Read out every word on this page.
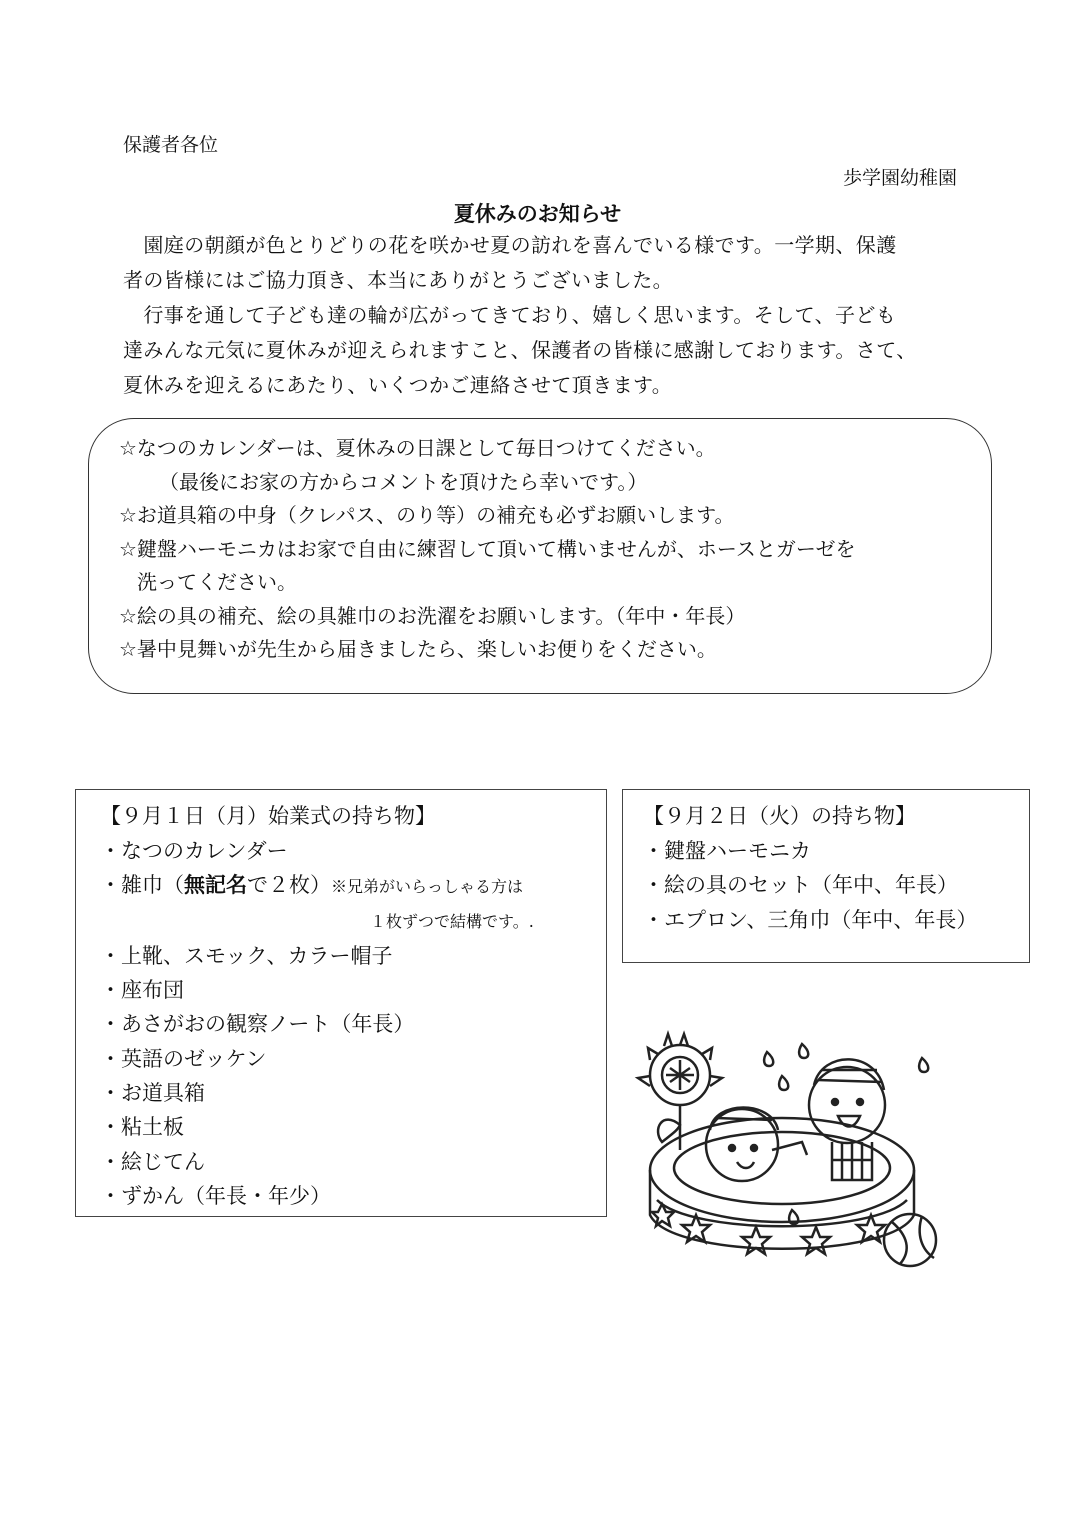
保護者各位
歩学園幼稚園
夏休みのお知らせ

　園庭の朝顔が色とりどりの花を咲かせ夏の訪れを喜んでいる様です。一学期、保護

者の皆様にはご協力頂き、本当にありがとうございました。

　行事を通して子ども達の輪が広がってきており、嬉しく思います。そして、子ども

達みんな元気に夏休みが迎えられますこと、保護者の皆様に感謝しております。さて、

夏休みを迎えるにあたり、いくつかご連絡させて頂きます。

☆なつのカレンダーは、夏休みの日課として毎日つけてください。

（最後にお家の方からコメントを頂けたら幸いです。）

☆お道具箱の中身（クレパス、のり等）の補充も必ずお願いします。

☆鍵盤ハーモニカはお家で自由に練習して頂いて構いませんが、ホースとガーゼを

洗ってください。

☆絵の具の補充、絵の具雑巾のお洗濯をお願いします。（年中・年長）

☆暑中見舞いが先生から届きましたら、楽しいお便りをください。

【９月１日（月）始業式の持ち物】

・なつのカレンダー
・雑巾（無記名で２枚）※兄弟がいらっしゃる方は
１枚ずつで結構です。.
・上靴、スモック、カラー帽子
・座布団
・あさがおの観察ノート（年長）
・英語のゼッケン
・お道具箱
・粘土板
・絵じてん
・ずかん（年長・年少）

【９月２日（火）の持ち物】

・鍵盤ハーモニカ
・絵の具のセット（年中、年長）
・エプロン、三角巾（年中、年長）
